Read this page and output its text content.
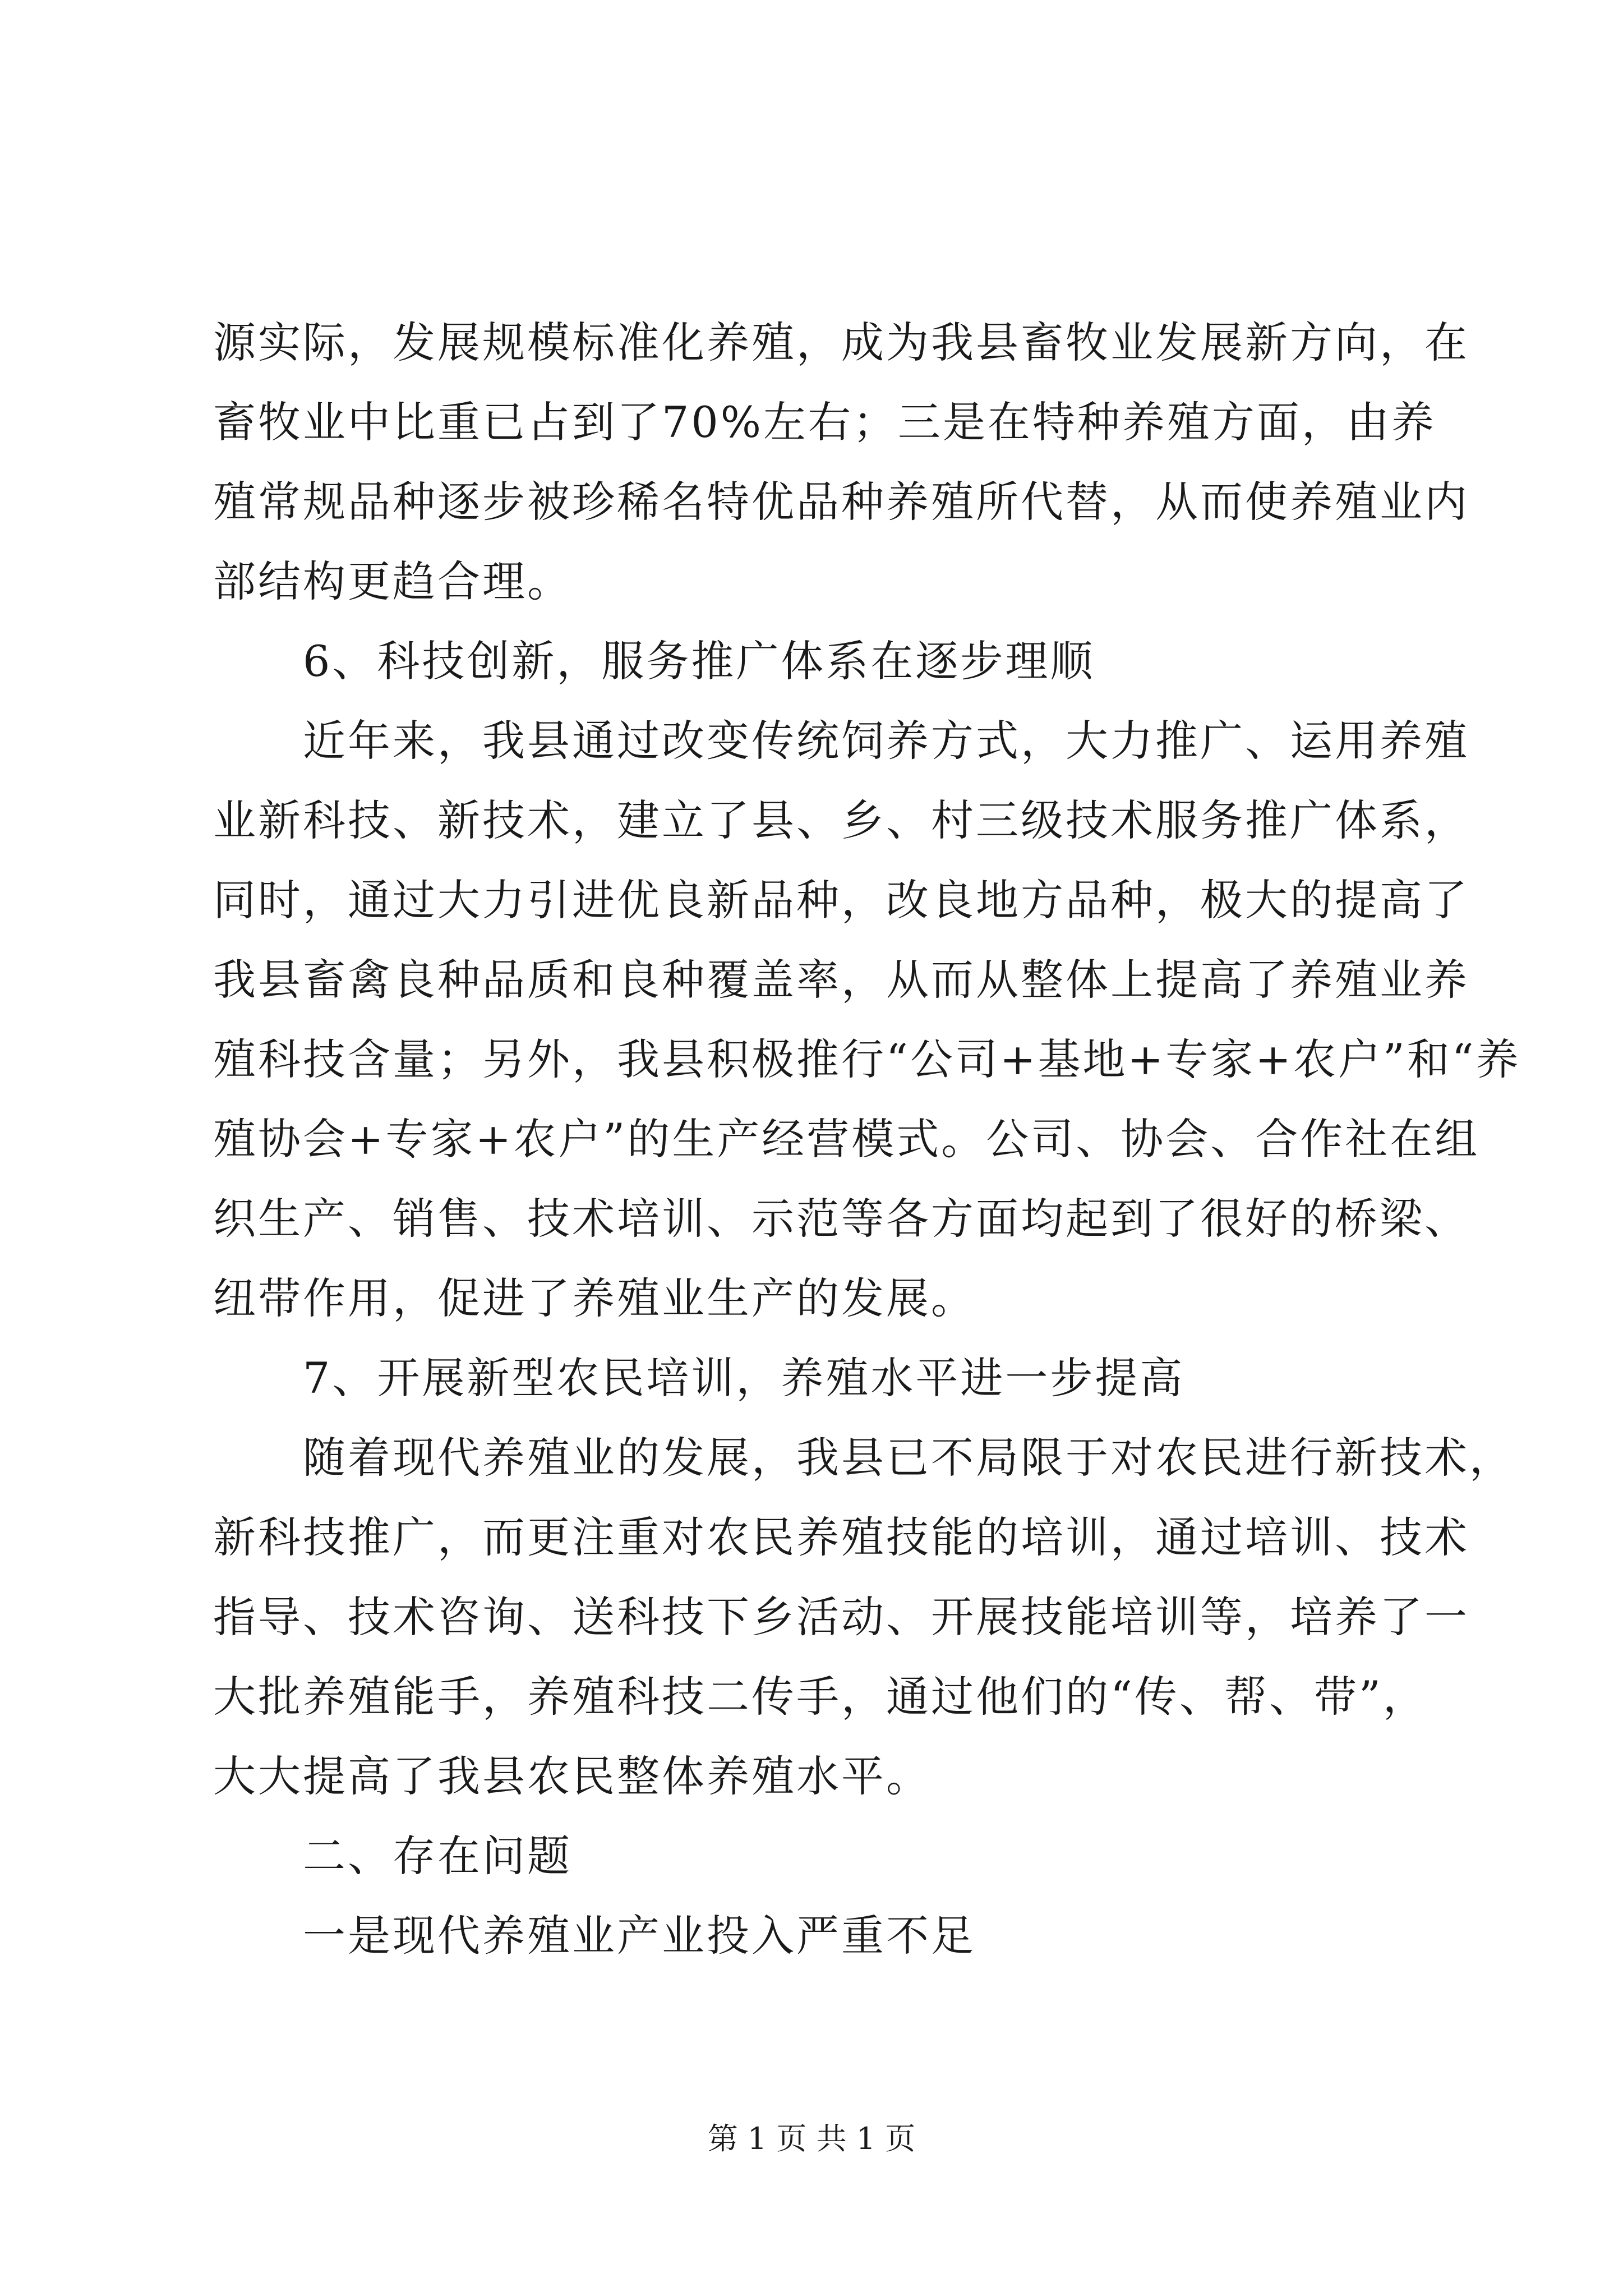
源实际，发展规模标准化养殖，成为我县畜牧业发展新方向，在
畜牧业中比重已占到了70%左右；三是在特种养殖方面，由养
殖常规品种逐步被珍稀名特优品种养殖所代替，从而使养殖业内
部结构更趋合理。
6、科技创新，服务推广体系在逐步理顺
近年来，我县通过改变传统饲养方式，大力推广、运用养殖
业新科技、新技术，建立了县、乡、村三级技术服务推广体系，
同时，通过大力引进优良新品种，改良地方品种，极大的提高了
我县畜禽良种品质和良种覆盖率，从而从整体上提高了养殖业养
殖科技含量；另外，我县积极推行“公司+基地+专家+农户”和“养
殖协会+专家+农户”的生产经营模式。公司、协会、合作社在组
织生产、销售、技术培训、示范等各方面均起到了很好的桥梁、
纽带作用，促进了养殖业生产的发展。
7、开展新型农民培训，养殖水平进一步提高
随着现代养殖业的发展，我县已不局限于对农民进行新技术，
新科技推广，而更注重对农民养殖技能的培训，通过培训、技术
指导、技术咨询、送科技下乡活动、开展技能培训等，培养了一
大批养殖能手，养殖科技二传手，通过他们的“传、帮、带”，
大大提高了我县农民整体养殖水平。
二、存在问题
一是现代养殖业产业投入严重不足
第 1 页 共 1 页
